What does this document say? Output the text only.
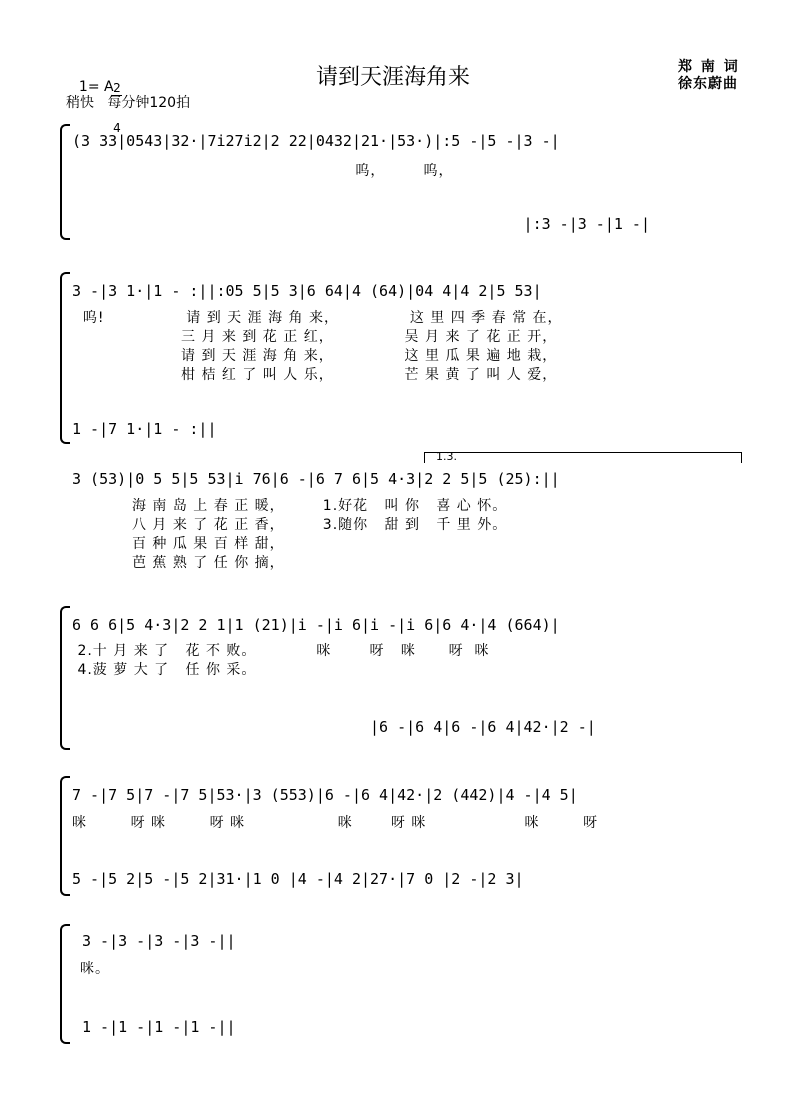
1= A

2

4

请到天涯海角来	郑 南 词
徐东蔚曲
稍快   每分钟120拍
(3 33|0543|32·|7i27i2|2 22|0432|21·|53·)|:5 -|5 -|3 -|
呜，       呜，
|:3 -|3 -|1 -|
3 -|3 1·|1 - :||:05 5|5 3|6 64|4 (64)|04 4|4 2|5 53|
呜!               请 到 天 涯 海 角 来，             这 里 四 季 春 常 在，
三 月 来 到 花 正 红，             吴 月 来 了 花 正 开，
请 到 天 涯 海 角 来，             这 里 瓜 果 遍 地 栽，
柑 桔 红 了 叫 人 乐，             芒 果 黄 了 叫 人 爱，
1 -|7 1·|1 - :||
1.3.
3 (53)|0 5 5|5 53|i 76|6 -|6 7 6|5 4·3|2 2 5|5 (25):||
海 南 岛 上 春 正 暖，       1.好花   叫 你   喜 心 怀。
八 月 来 了 花 正 香，       3.随你   甜 到   千 里 外。
百 种 瓜 果 百 样 甜，
芭 蕉 熟 了 任 你 摘，
6 6 6|5 4·3|2 2 1|1 (21)|i -|i 6|i -|i 6|6 4·|4 (664)|
2.十 月 来 了   花 不 败。           咪       呀   咪      呀  咪
4.菠 萝 大 了   任 你 采。
|6 -|6 4|6 -|6 4|42·|2 -|
7 -|7 5|7 -|7 5|53·|3 (553)|6 -|6 4|42·|2 (442)|4 -|4 5|
咪        呀 咪        呀 咪                 咪       呀 咪                  咪        呀
5 -|5 2|5 -|5 2|31·|1 0 |4 -|4 2|27·|7 0 |2 -|2 3|
3 -|3 -|3 -|3 -||
咪。
1 -|1 -|1 -|1 -||
